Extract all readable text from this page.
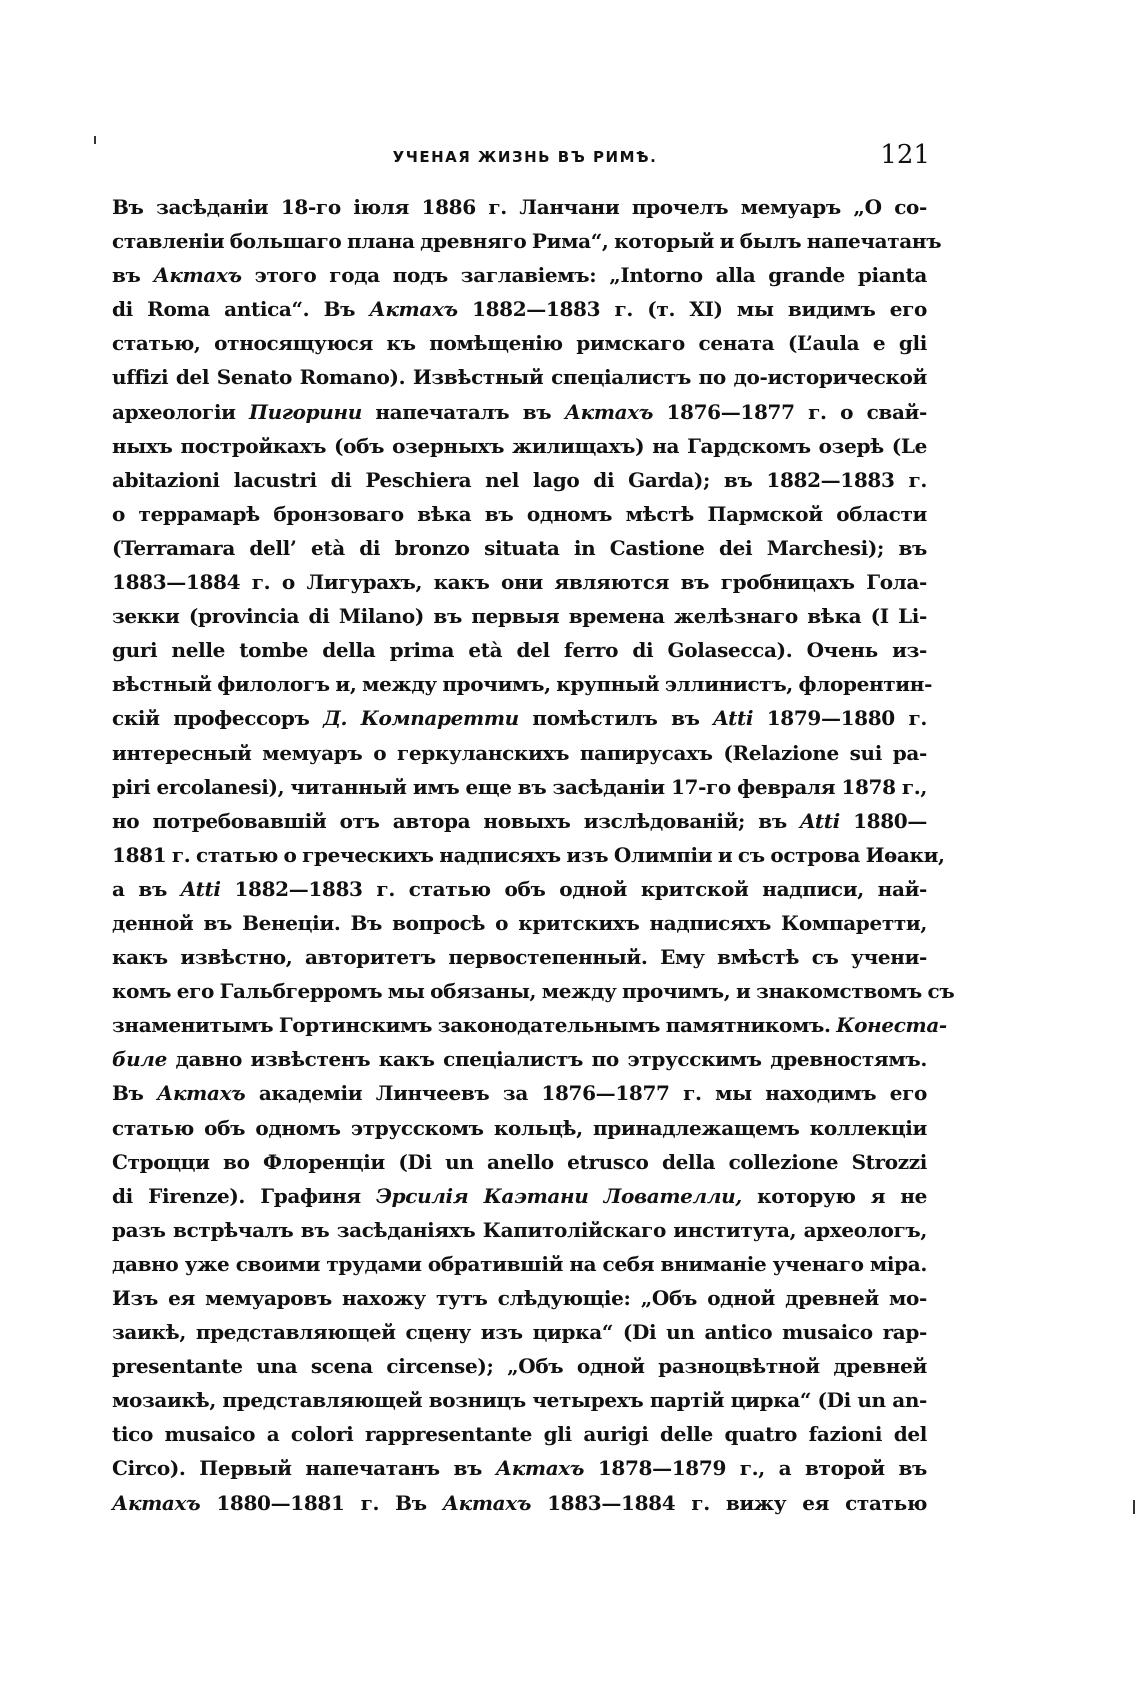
УЧЕНАЯ ЖИЗНЬ ВЪ РИМѢ.	121
Въ засѣданіи 18-го іюля 1886 г. Ланчани прочелъ мемуаръ „О со-
ставленіи большаго плана древняго Рима“, который и былъ напечатанъ
въ Актахъ этого года подъ заглавіемъ: „Intorno alla grande pianta
di Roma antica“. Въ Актахъ 1882—1883 г. (т. XI) мы видимъ его
статью, относящуюся къ помѣщенію римскаго сената (L’aula e gli
uffizi del Senato Romano). Извѣстный спеціалистъ по до-исторической
археологіи Пигорини напечаталъ въ Актахъ 1876—1877 г. о свай-
ныхъ постройкахъ (объ озерныхъ жилищахъ) на Гардскомъ озерѣ (Le
abitazioni lacustri di Peschiera nel lago di Garda); въ 1882—1883 г.
о террамарѣ бронзоваго вѣка въ одномъ мѣстѣ Пармской области
(Terramara dell’ età di bronzo situata in Castione dei Marchesi); въ
1883—1884 г. о Лигурахъ, какъ они являются въ гробницахъ Гола-
зекки (provincia di Milano) въ первыя времена желѣзнаго вѣка (I Li-
guri nelle tombe della prima età del ferro di Golasecca). Очень из-
вѣстный филологъ и, между прочимъ, крупный эллинистъ, флорентин-
скій профессоръ Д. Компаретти помѣстилъ въ Atti 1879—1880 г.
интересный мемуаръ о геркуланскихъ папирусахъ (Relazione sui pa-
piri ercolanesi), читанный имъ еще въ засѣданіи 17-го февраля 1878 г.,
но потребовавшій отъ автора новыхъ изслѣдованій; въ Atti 1880—
1881 г. статью о греческихъ надписяхъ изъ Олимпіи и съ острова Иѳаки,
а въ Atti 1882—1883 г. статью объ одной критской надписи, най-
денной въ Венеціи. Въ вопросѣ о критскихъ надписяхъ Компаретти,
какъ извѣстно, авторитетъ первостепенный. Ему вмѣстѣ съ учени-
комъ его Гальбгерромъ мы обязаны, между прочимъ, и знакомствомъ съ
знаменитымъ Гортинскимъ законодательнымъ памятникомъ. Конеста-
биле давно извѣстенъ какъ спеціалистъ по этрусскимъ древностямъ.
Въ Актахъ академіи Линчеевъ за 1876—1877 г. мы находимъ его
статью объ одномъ этрусскомъ кольцѣ, принадлежащемъ коллекціи
Строцци во Флоренціи (Di un anello etrusco della collezione Strozzi
di Firenze). Графиня Эрсилія Каэтани Лователли, которую я не
разъ встрѣчалъ въ засѣданіяхъ Капитолійскаго института, археологъ,
давно уже своими трудами обратившій на себя вниманіе ученаго міра.
Изъ ея мемуаровъ нахожу тутъ слѣдующіе: „Объ одной древней мо-
заикѣ, представляющей сцену изъ цирка“ (Di un antico musaico rap-
presentante una scena circense); „Объ одной разноцвѣтной древней
мозаикѣ, представляющей возницъ четырехъ партій цирка“ (Di un an-
tico musaico a colori rappresentante gli aurigi delle quatro fazioni del
Circo). Первый напечатанъ въ Актахъ 1878—1879 г., а второй въ
Актахъ 1880—1881 г. Въ Актахъ 1883—1884 г. вижу ея статью
